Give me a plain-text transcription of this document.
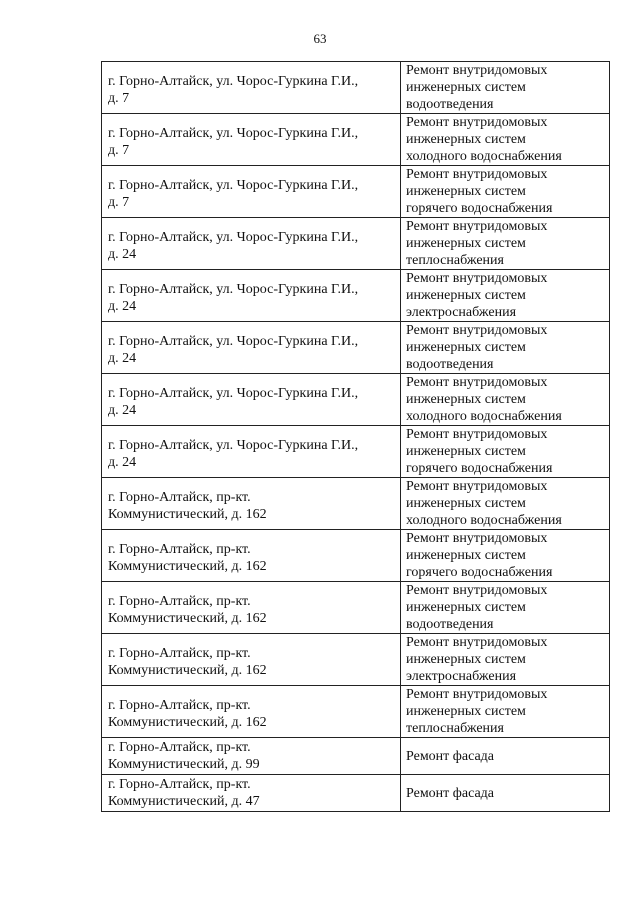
63
г. Горно-Алтайск, ул. Чорос-Гуркина Г.И.,
д. 7	Ремонт внутридомовых
инженерных систем
водоотведения

г. Горно-Алтайск, ул. Чорос-Гуркина Г.И.,
д. 7	Ремонт внутридомовых
инженерных систем
холодного водоснабжения

г. Горно-Алтайск, ул. Чорос-Гуркина Г.И.,
д. 7	Ремонт внутридомовых
инженерных систем
горячего водоснабжения

г. Горно-Алтайск, ул. Чорос-Гуркина Г.И.,
д. 24	Ремонт внутридомовых
инженерных систем
теплоснабжения

г. Горно-Алтайск, ул. Чорос-Гуркина Г.И.,
д. 24	Ремонт внутридомовых
инженерных систем
электроснабжения

г. Горно-Алтайск, ул. Чорос-Гуркина Г.И.,
д. 24	Ремонт внутридомовых
инженерных систем
водоотведения

г. Горно-Алтайск, ул. Чорос-Гуркина Г.И.,
д. 24	Ремонт внутридомовых
инженерных систем
холодного водоснабжения

г. Горно-Алтайск, ул. Чорос-Гуркина Г.И.,
д. 24	Ремонт внутридомовых
инженерных систем
горячего водоснабжения

г. Горно-Алтайск, пр-кт.
Коммунистический, д. 162	Ремонт внутридомовых
инженерных систем
холодного водоснабжения

г. Горно-Алтайск, пр-кт.
Коммунистический, д. 162	Ремонт внутридомовых
инженерных систем
горячего водоснабжения

г. Горно-Алтайск, пр-кт.
Коммунистический, д. 162	Ремонт внутридомовых
инженерных систем
водоотведения

г. Горно-Алтайск, пр-кт.
Коммунистический, д. 162	Ремонт внутридомовых
инженерных систем
электроснабжения

г. Горно-Алтайск, пр-кт.
Коммунистический, д. 162	Ремонт внутридомовых
инженерных систем
теплоснабжения

г. Горно-Алтайск, пр-кт.
Коммунистический, д. 99	Ремонт фасада

г. Горно-Алтайск, пр-кт.
Коммунистический, д. 47	Ремонт фасада
